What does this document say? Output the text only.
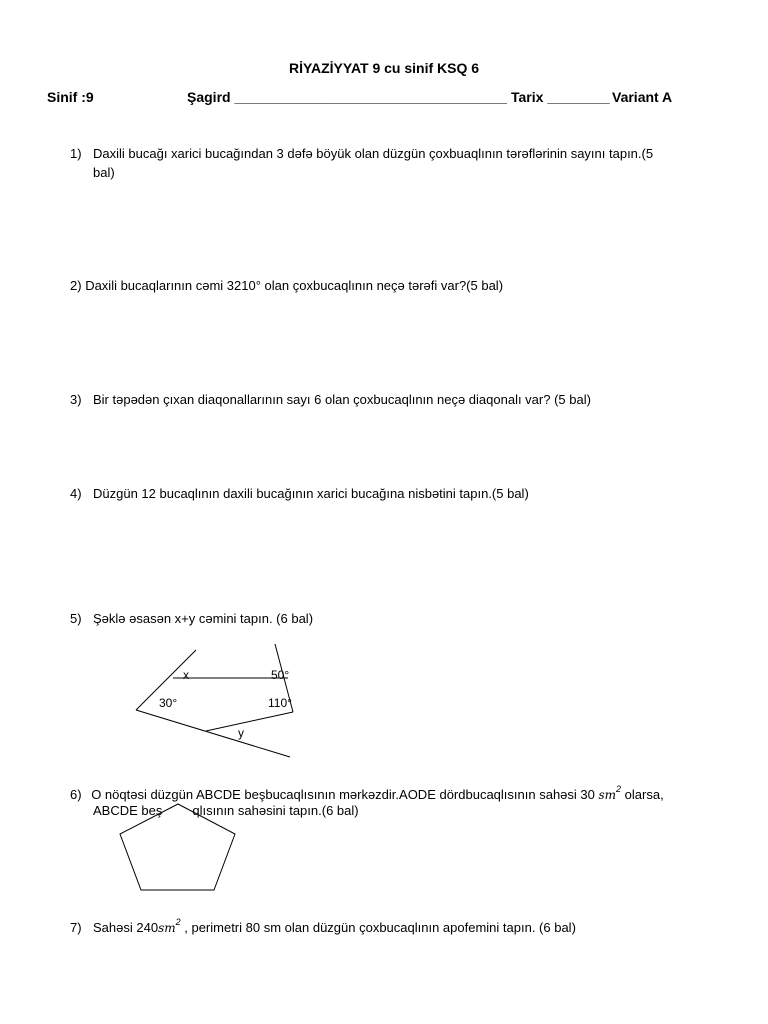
RİYAZİYYAT 9 cu sinif KSQ 6
Sinif :9	Şagird ___________________________________ Tarix ________ Variant A
1) Daxili bucağı xarici bucağından 3 dəfə böyük olan düzgün çoxbuaqlının tərəflərinin sayını tapın.(5
bal)
2) Daxili bucaqlarının cəmi 3210° olan çoxbucaqlının neçə tərəfi var?(5 bal)
3) Bir təpədən çıxan diaqonallarının sayı 6 olan çoxbucaqlının neçə diaqonalı var? (5 bal)
4) Düzgün 12 bucaqlının daxili bucağının xarici bucağına nisbətini tapın.(5 bal)
5) Şəklə əsasən x+y cəmini tapın. (6 bal)
x	50°
30°	110°
y
6) O nöqtəsi düzgün ABCDE beşbucaqlısının mərkəzdir.AODE dördbucaqlısının sahəsi 30 $sm^2$ olarsa,
ABCDE beş qlısının sahəsini tapın.(6 bal)
7) Sahəsi $240sm^2$ , perimetri 80 sm olan düzgün çoxbucaqlının apofemini tapın. (6 bal)
